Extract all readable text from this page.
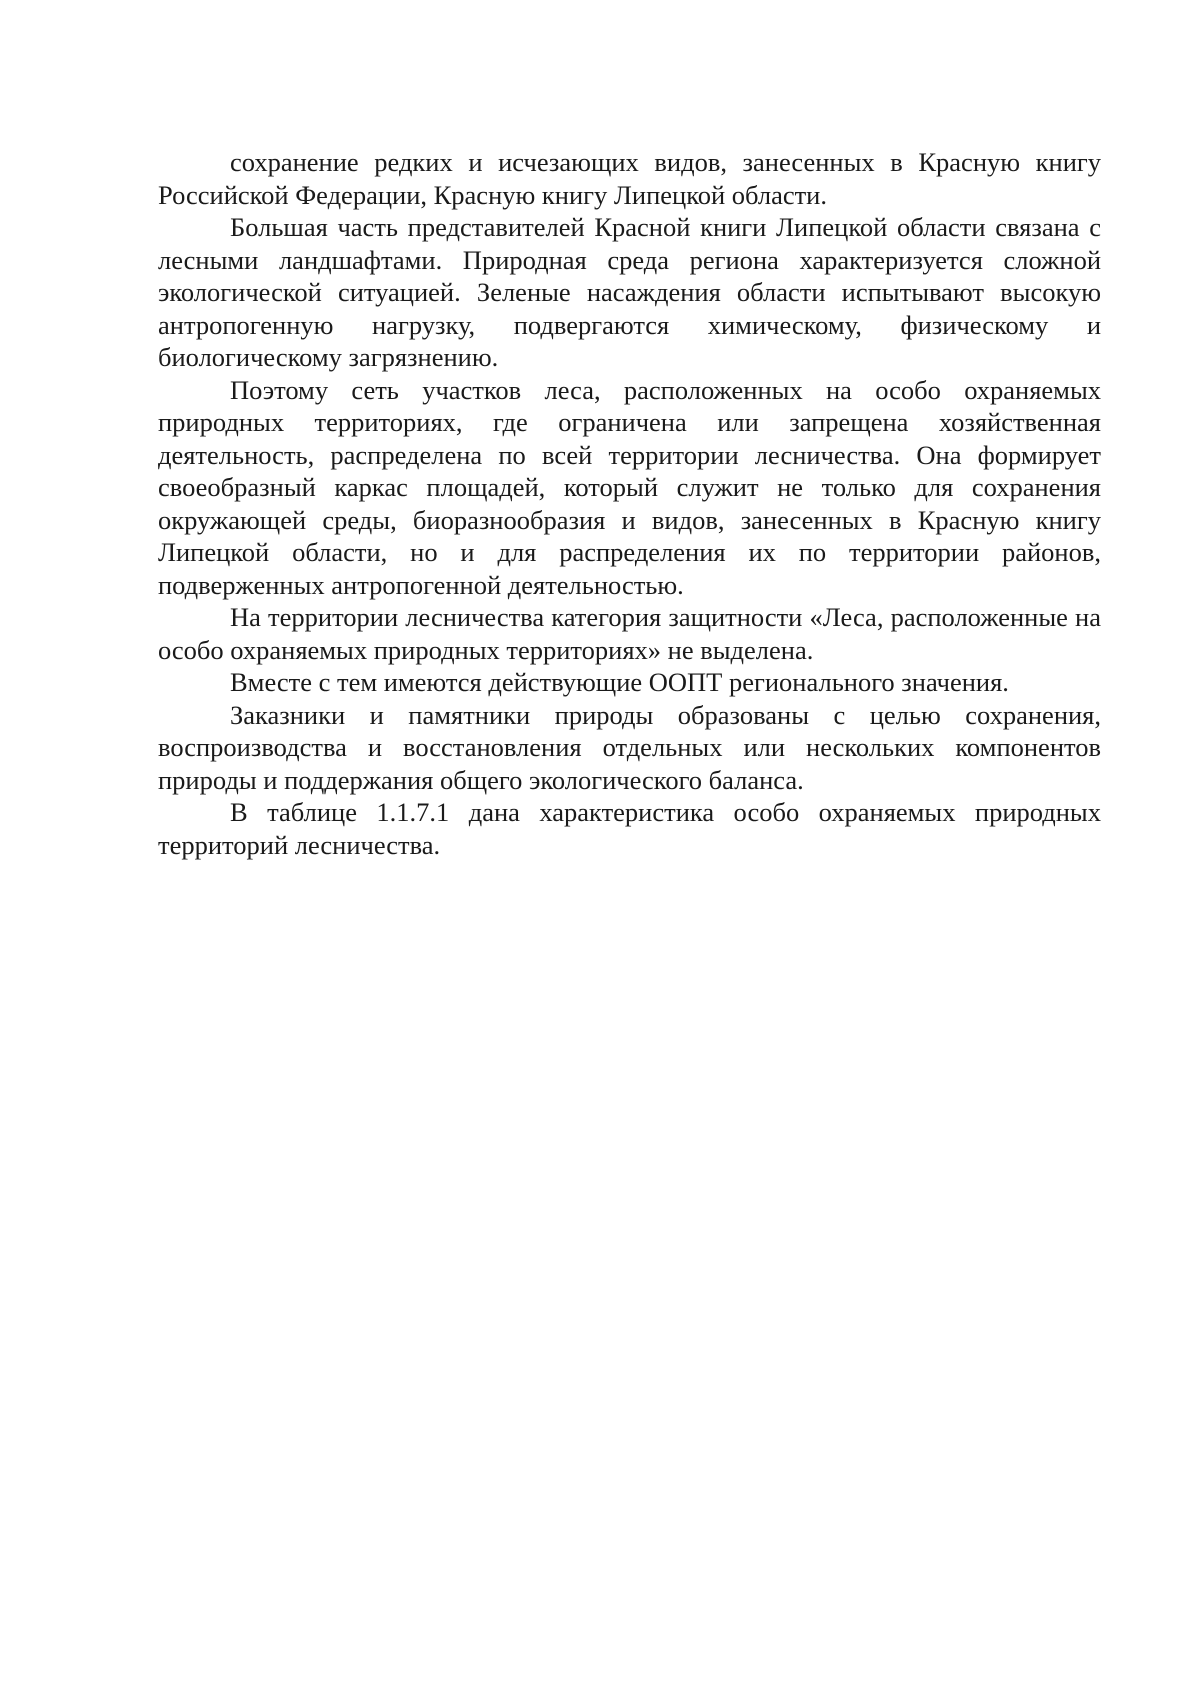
сохранение редких и исчезающих видов, занесенных в Красную книгу Российской Федерации, Красную книгу Липецкой области.

Большая часть представителей Красной книги Липецкой области связана с лесными ландшафтами. Природная среда региона характеризуется сложной экологической ситуацией. Зеленые насаждения области испытывают высокую антропогенную нагрузку, подвергаются химическому, физическому и биологическому загрязнению.

Поэтому сеть участков леса, расположенных на особо охраняемых природных территориях, где ограничена или запрещена хозяйственная деятельность, распределена по всей территории лесничества. Она формирует своеобразный каркас площадей, который служит не только для сохранения окружающей среды, биоразнообразия и видов, занесенных в Красную книгу Липецкой области, но и для распределения их по территории районов, подверженных антропогенной деятельностью.

На территории лесничества категория защитности «Леса, расположенные на особо охраняемых природных территориях» не выделена.

Вместе с тем имеются действующие ООПТ регионального значения.

Заказники и памятники природы образованы с целью сохранения, воспроизводства и восстановления отдельных или нескольких компонентов природы и поддержания общего экологического баланса.

В таблице 1.1.7.1 дана характеристика особо охраняемых природных территорий лесничества.
